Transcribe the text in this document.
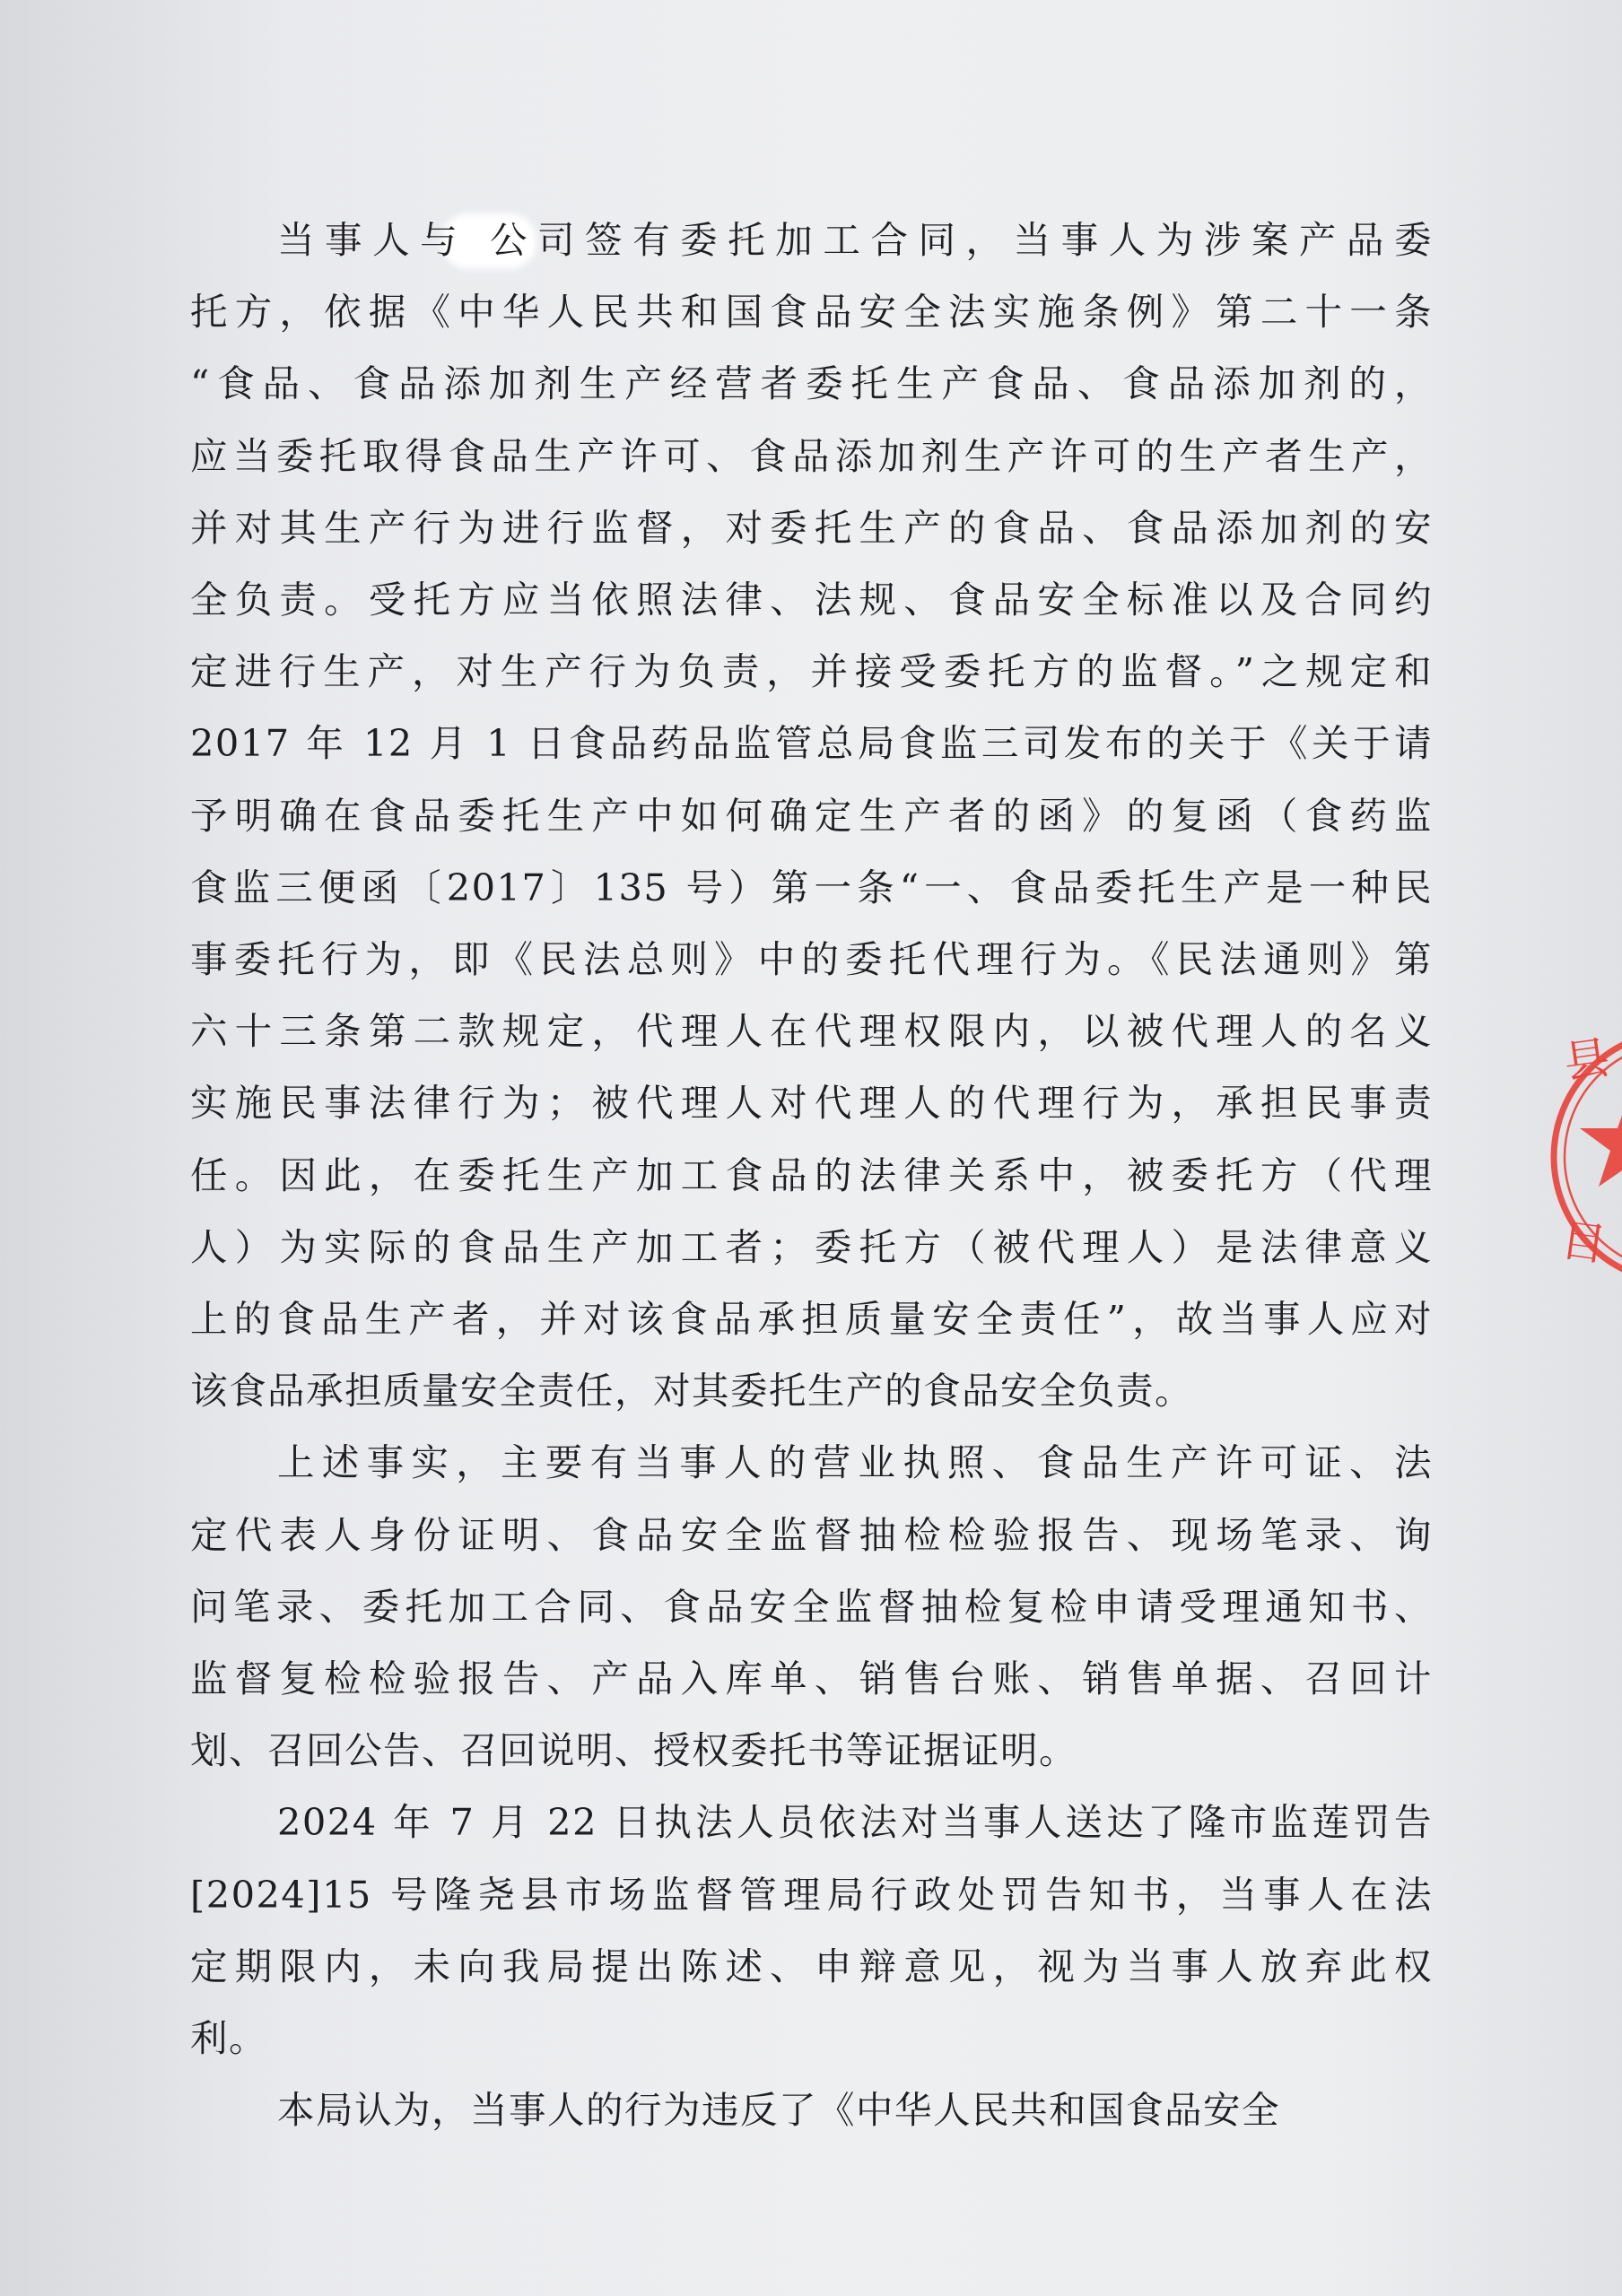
当事人与 公司签有委托加工合同，当事人为涉案产品委
托方，依据《中华人民共和国食品安全法实施条例》第二十一条
“食品、食品添加剂生产经营者委托生产食品、食品添加剂的，
应当委托取得食品生产许可、食品添加剂生产许可的生产者生产，
并对其生产行为进行监督，对委托生产的食品、食品添加剂的安
全负责。受托方应当依照法律、法规、食品安全标准以及合同约
定进行生产，对生产行为负责，并接受委托方的监督。”之规定和
2017 年 12 月 1 日食品药品监管总局食监三司发布的关于《关于请
予明确在食品委托生产中如何确定生产者的函》的复函（食药监
食监三便函〔2017〕135 号）第一条“一、食品委托生产是一种民
事委托行为，即《民法总则》中的委托代理行为。《民法通则》第
六十三条第二款规定，代理人在代理权限内，以被代理人的名义
实施民事法律行为；被代理人对代理人的代理行为，承担民事责
任。因此，在委托生产加工食品的法律关系中，被委托方（代理
人）为实际的食品生产加工者；委托方（被代理人）是法律意义
上的食品生产者，并对该食品承担质量安全责任”，故当事人应对
该食品承担质量安全责任，对其委托生产的食品安全负责。
上述事实，主要有当事人的营业执照、食品生产许可证、法
定代表人身份证明、食品安全监督抽检检验报告、现场笔录、询
问笔录、委托加工合同、食品安全监督抽检复检申请受理通知书、
监督复检检验报告、产品入库单、销售台账、销售单据、召回计
划、召回公告、召回说明、授权委托书等证据证明。
2024 年 7 月 22 日执法人员依法对当事人送达了隆市监莲罚告
[2024]15 号隆尧县市场监督管理局行政处罚告知书，当事人在法
定期限内，未向我局提出陈述、申辩意见，视为当事人放弃此权
利。
本局认为，当事人的行为违反了《中华人民共和国食品安全
县
目
